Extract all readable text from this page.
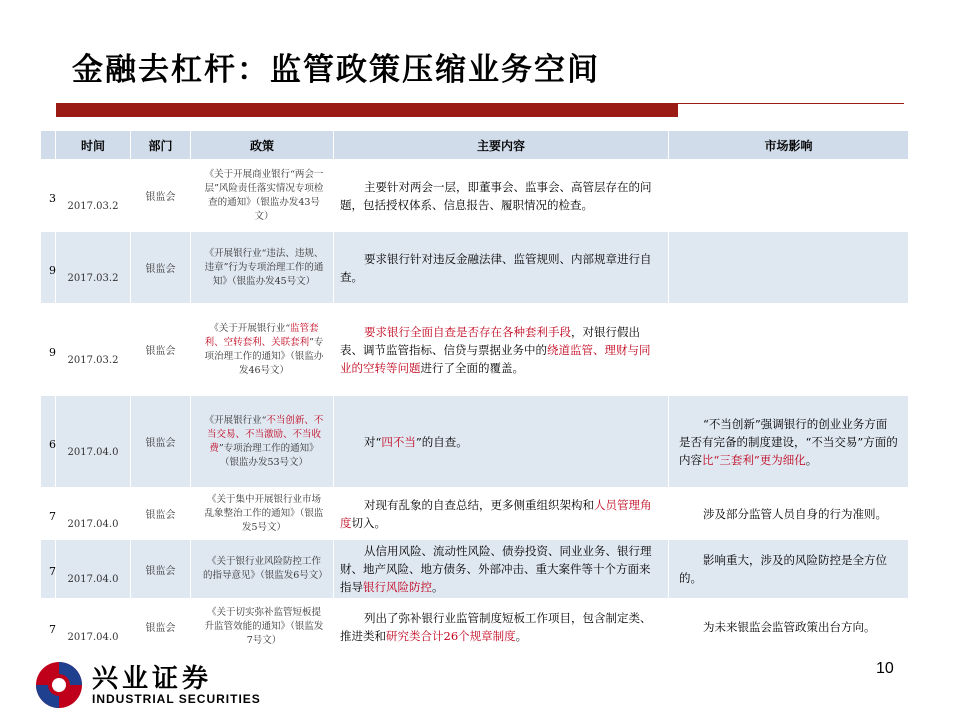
金融去杠杆：监管政策压缩业务空间
	时间	部门	政策	主要内容	市场影响

3	2017.03.2	银监会	《关于开展商业银行“两会一层”风险责任落实情况专项检查的通知》（银监办发43号文）	主要针对两会一层，即董事会、监事会、高管层存在的问题，包括授权体系、信息报告、履职情况的检查。	

9	2017.03.2	银监会	《开展银行业“违法、违规、违章”行为专项治理工作的通知》（银监办发45号文）	要求银行针对违反金融法律、监管规则、内部规章进行自查。	

9	2017.03.2	银监会	《关于开展银行业“监管套利、空转套利、关联套利”专项治理工作的通知》（银监办发46号文）	要求银行全面自查是否存在各种套利手段，对银行假出表、调节监管指标、信贷与票据业务中的绕道监管、理财与同业的空转等问题进行了全面的覆盖。	

6	2017.04.0	银监会	《开展银行业“不当创新、不当交易、不当激励、不当收费”专项治理工作的通知》（银监办发53号文）	对“四不当”的自查。	“不当创新”强调银行的创业业务方面是否有完备的制度建设，“不当交易”方面的内容比“三套利”更为细化。

7	2017.04.0	银监会	《关于集中开展银行业市场乱象整治工作的通知》（银监发5号文）	对现有乱象的自查总结，更多侧重组织架构和人员管理角度切入。	涉及部分监管人员自身的行为准则。

7	2017.04.0	银监会	《关于银行业风险防控工作的指导意见》（银监发6号文）	从信用风险、流动性风险、债券投资、同业业务、银行理财、地产风险、地方债务、外部冲击、重大案件等十个方面来指导银行风险防控。	影响重大，涉及的风险防控是全方位的。

7	2017.04.0	银监会	《关于切实弥补监管短板提升监管效能的通知》（银监发7号文）	列出了弥补银行业监管制度短板工作项目，包含制定类、推进类和研究类合计26个规章制度。	为未来银监会监管政策出台方向。
兴业证券
INDUSTRIAL SECURITIES
10
